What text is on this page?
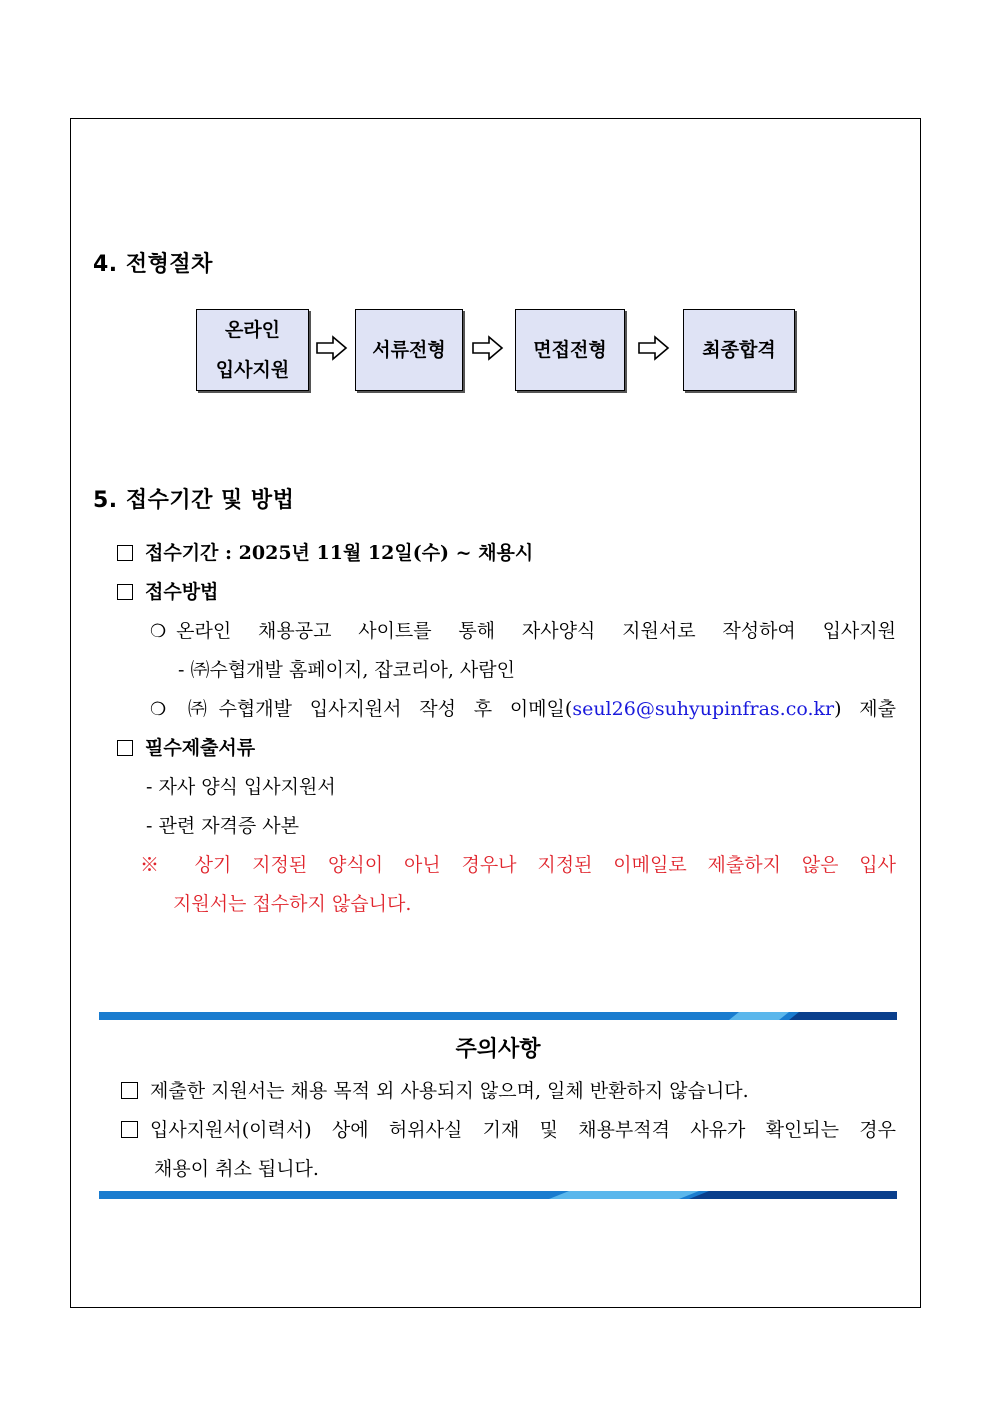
4. 전형절차
온라인
입사지원
서류전형	면접전형	최종합격
5. 접수기간 및 방법
접수기간 : 2025년 11월 12일(수) ~ 채용시
접수방법
❍ 온라인 채용공고 사이트를 통해 자사양식 지원서로 작성하여 입사지원
- ㈜수협개발 홈페이지, 잡코리아, 사람인
❍ ㈜수협개발 입사지원서 작성 후 이메일(seul26@suhyupinfras.co.kr) 제출
필수제출서류
- 자사 양식 입사지원서
- 관련 자격증 사본
※ 상기 지정된 양식이 아닌 경우나 지정된 이메일로 제출하지 않은 입사
지원서는 접수하지 않습니다.
주의사항
제출한 지원서는 채용 목적 외 사용되지 않으며, 일체 반환하지 않습니다.
입사지원서(이력서) 상에 허위사실 기재 및 채용부적격 사유가 확인되는 경우
채용이 취소 됩니다.
